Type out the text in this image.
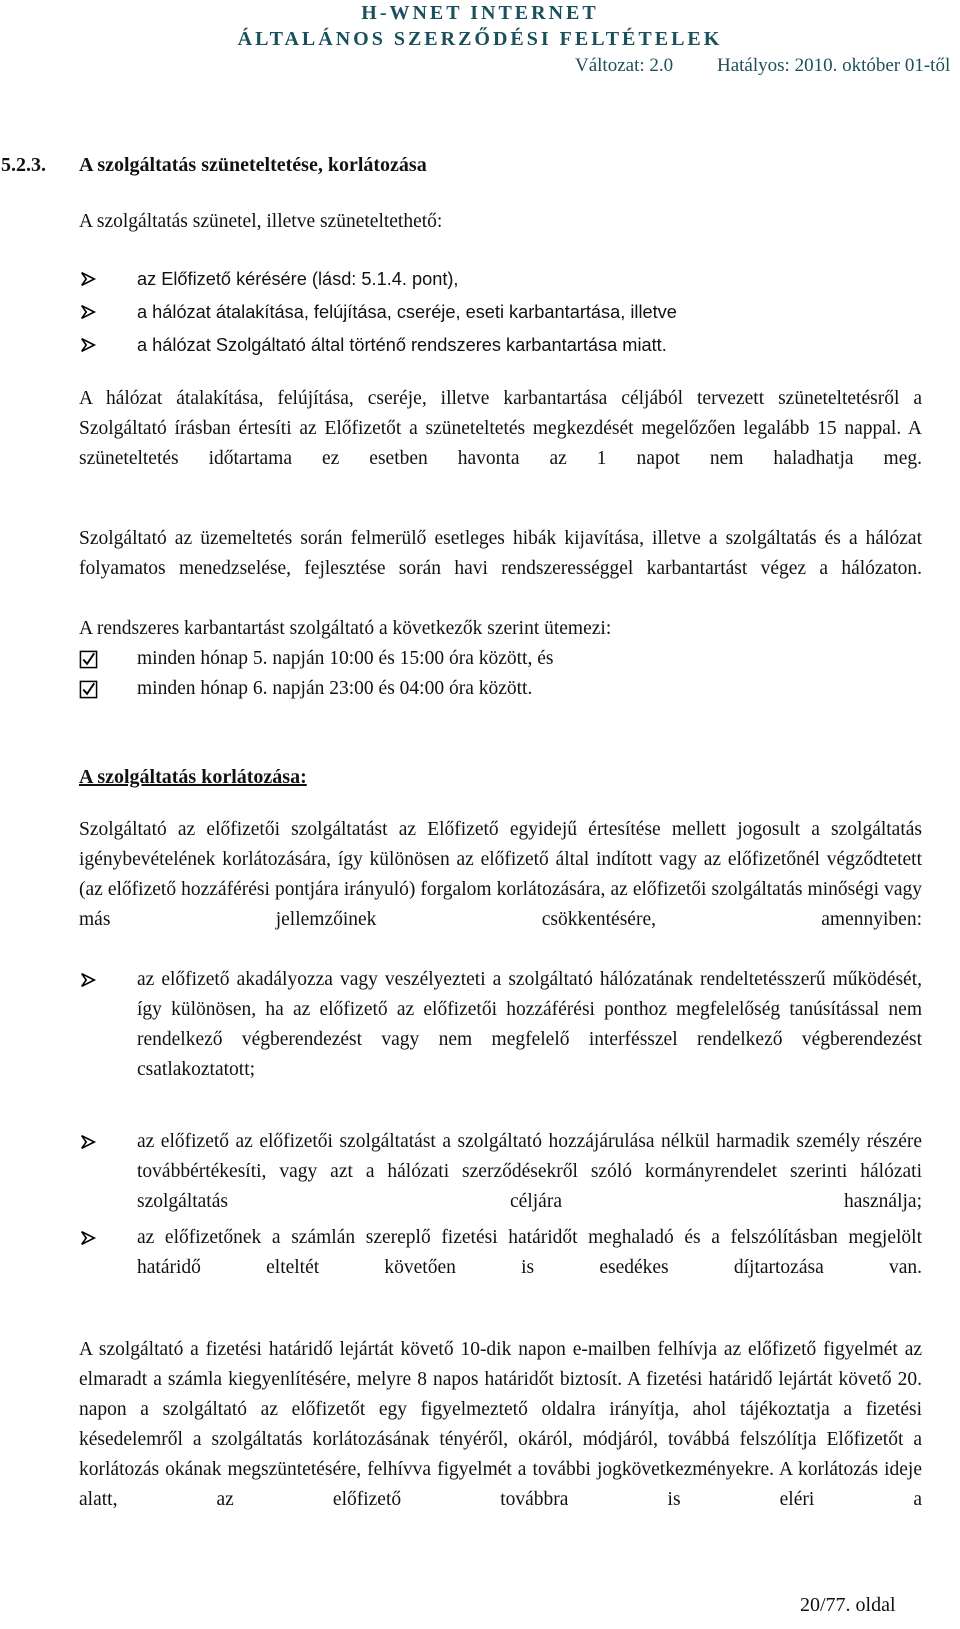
H-WNET INTERNET
ÁLTALÁNOS SZERZŐDÉSI FELTÉTELEK
Változat: 2.0 Hatályos: 2010. október 01-től
5.2.3. A szolgáltatás szüneteltetése, korlátozása
A szolgáltatás szünetel, illetve szüneteltethető:
az Előfizető kérésére (lásd: 5.1.4. pont),
a hálózat átalakítása, felújítása, cseréje, eseti karbantartása, illetve
a hálózat Szolgáltató által történő rendszeres karbantartása miatt.
A hálózat átalakítása, felújítása, cseréje, illetve karbantartása céljából tervezett szüneteltetésről a Szolgáltató írásban értesíti az Előfizetőt a szüneteltetés megkezdését megelőzően legalább 15 nappal. A szüneteltetés időtartama ez esetben havonta az 1 napot nem haladhatja meg.
Szolgáltató az üzemeltetés során felmerülő esetleges hibák kijavítása, illetve a szolgáltatás és a hálózat folyamatos menedzselése, fejlesztése során havi rendszerességgel karbantartást végez a hálózaton.
A rendszeres karbantartást szolgáltató a következők szerint ütemezi:
minden hónap 5. napján 10:00 és 15:00 óra között, és
minden hónap 6. napján 23:00 és 04:00 óra között.
A szolgáltatás korlátozása:
Szolgáltató az előfizetői szolgáltatást az Előfizető egyidejű értesítése mellett jogosult a szolgáltatás igénybevételének korlátozására, így különösen az előfizető által indított vagy az előfizetőnél végződtetett (az előfizető hozzáférési pontjára irányuló) forgalom korlátozására, az előfizetői szolgáltatás minőségi vagy más jellemzőinek csökkentésére, amennyiben:
az előfizető akadályozza vagy veszélyezteti a szolgáltató hálózatának rendeltetésszerű működését, így különösen, ha az előfizető az előfizetői hozzáférési ponthoz megfelelőség tanúsítással nem rendelkező végberendezést vagy nem megfelelő interfésszel rendelkező végberendezést csatlakoztatott;
az előfizető az előfizetői szolgáltatást a szolgáltató hozzájárulása nélkül harmadik személy részére továbbértékesíti, vagy azt a hálózati szerződésekről szóló kormányrendelet szerinti hálózati szolgáltatás céljára használja;
az előfizetőnek a számlán szereplő fizetési határidőt meghaladó és a felszólításban megjelölt határidő elteltét követően is esedékes díjtartozása van.
A szolgáltató a fizetési határidő lejártát követő 10-dik napon e-mailben felhívja az előfizető figyelmét az elmaradt a számla kiegyenlítésére, melyre 8 napos határidőt biztosít. A fizetési határidő lejártát követő 20. napon a szolgáltató az előfizetőt egy figyelmeztető oldalra irányítja, ahol tájékoztatja a fizetési késedelemről a szolgáltatás korlátozásának tényéről, okáról, módjáról, továbbá felszólítja Előfizetőt a korlátozás okának megszüntetésére, felhívva figyelmét a további jogkövetkezményekre. A korlátozás ideje alatt, az előfizető továbbra is eléri a
20/77. oldal
